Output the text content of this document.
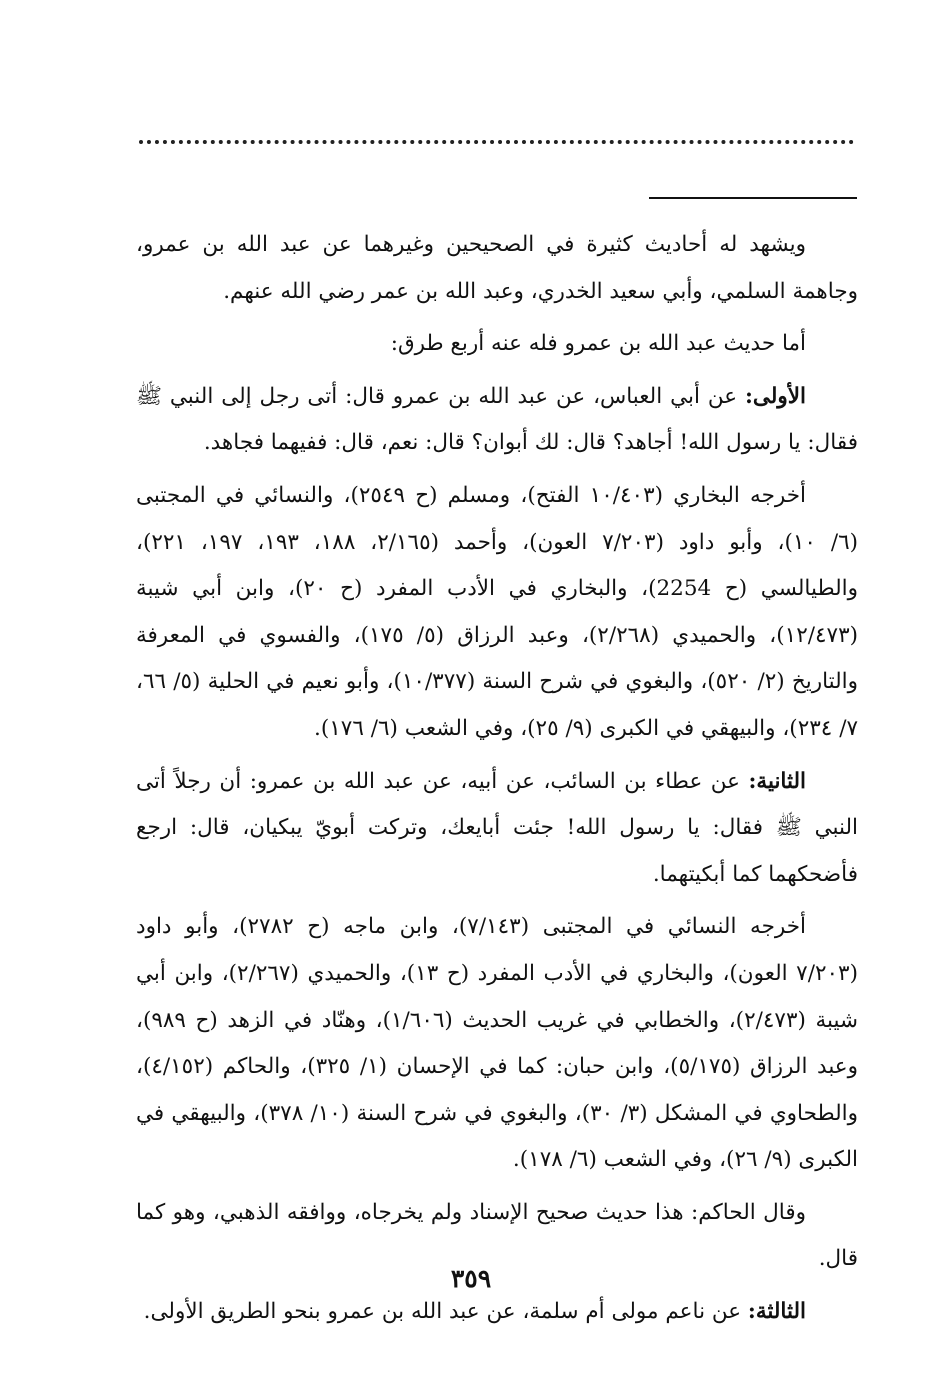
ويشهد له أحاديث كثيرة في الصحيحين وغيرهما عن عبد الله بن عمرو، وجاهمة السلمي، وأبي سعيد الخدري، وعبد الله بن عمر رضي الله عنهم.

أما حديث عبد الله بن عمرو فله عنه أربع طرق:

الأولى: عن أبي العباس، عن عبد الله بن عمرو قال: أتى رجل إلى النبي ﷺ فقال: يا رسول الله! أجاهد؟ قال: لك أبوان؟ قال: نعم، قال: ففيهما فجاهد.

أخرجه البخاري (١٠/٤٠٣ الفتح)، ومسلم (ح ٢٥٤٩)، والنسائي في المجتبى (٦/ ١٠)، وأبو داود (٧/٢٠٣ العون)، وأحمد (٢/١٦٥، ١٨٨، ١٩٣، ١٩٧، ٢٢١)، والطيالسي (ح 2254)، والبخاري في الأدب المفرد (ح ٢٠)، وابن أبي شيبة (١٢/٤٧٣)، والحميدي (٢/٢٦٨)، وعبد الرزاق (٥/ ١٧٥)، والفسوي في المعرفة والتاريخ (٢/ ٥٢٠)، والبغوي في شرح السنة (١٠/٣٧٧)، وأبو نعيم في الحلية (٥/ ٦٦، ٧/ ٢٣٤)، والبيهقي في الكبرى (٩/ ٢٥)، وفي الشعب (٦/ ١٧٦).

الثانية: عن عطاء بن السائب، عن أبيه، عن عبد الله بن عمرو: أن رجلاً أتى النبي ﷺ فقال: يا رسول الله! جئت أبايعك، وتركت أبويّ يبكيان، قال: ارجع فأضحكهما كما أبكيتهما.

أخرجه النسائي في المجتبى (٧/١٤٣)، وابن ماجه (ح ٢٧٨٢)، وأبو داود (٧/٢٠٣ العون)، والبخاري في الأدب المفرد (ح ١٣)، والحميدي (٢/٢٦٧)، وابن أبي شيبة (٢/٤٧٣)، والخطابي في غريب الحديث (١/٦٠٦)، وهنّاد في الزهد (ح ٩٨٩)، وعبد الرزاق (٥/١٧٥)، وابن حبان: كما في الإحسان (١/ ٣٢٥)، والحاكم (٤/١٥٢)، والطحاوي في المشكل (٣/ ٣٠)، والبغوي في شرح السنة (١٠/ ٣٧٨)، والبيهقي في الكبرى (٩/ ٢٦)، وفي الشعب (٦/ ١٧٨).

وقال الحاكم: هذا حديث صحيح الإسناد ولم يخرجاه، ووافقه الذهبي، وهو كما قال.

الثالثة: عن ناعم مولى أم سلمة، عن عبد الله بن عمرو بنحو الطريق الأولى.

٣٥٩
